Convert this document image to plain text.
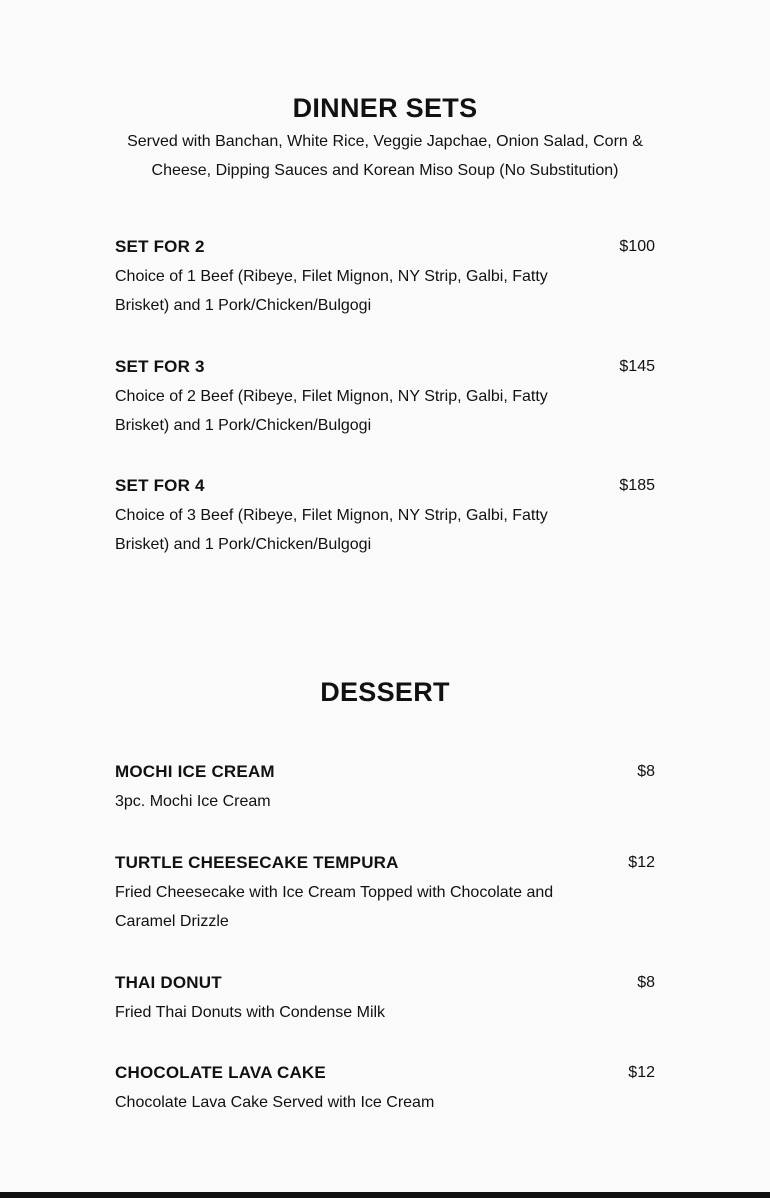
DINNER SETS

Served with Banchan, White Rice, Veggie Japchae, Onion Salad, Corn & Cheese, Dipping Sauces and Korean Miso Soup (No Substitution)

SET FOR 2	$100
Choice of 1 Beef (Ribeye, Filet Mignon, NY Strip, Galbi, Fatty Brisket) and 1 Pork/Chicken/Bulgogi
SET FOR 3	$145
Choice of 2 Beef (Ribeye, Filet Mignon, NY Strip, Galbi, Fatty Brisket) and 1 Pork/Chicken/Bulgogi
SET FOR 4	$185
Choice of 3 Beef (Ribeye, Filet Mignon, NY Strip, Galbi, Fatty Brisket) and 1 Pork/Chicken/Bulgogi
DESSERT
MOCHI ICE CREAM	$8
3pc. Mochi Ice Cream
TURTLE CHEESECAKE TEMPURA	$12
Fried Cheesecake with Ice Cream Topped with Chocolate and Caramel Drizzle
THAI DONUT	$8
Fried Thai Donuts with Condense Milk
CHOCOLATE LAVA CAKE	$12
Chocolate Lava Cake Served with Ice Cream
